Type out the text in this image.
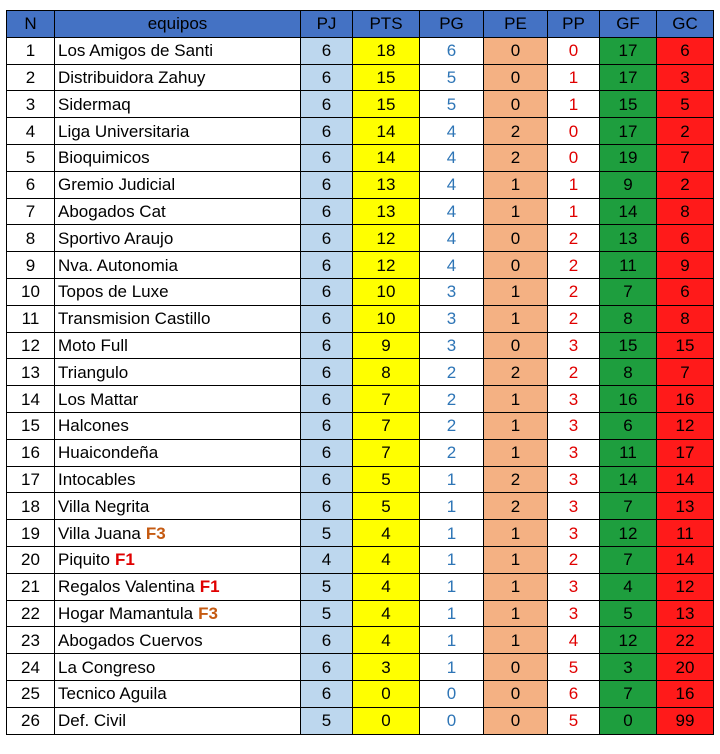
N	equipos	PJ	PTS	PG	PE	PP	GF	GC
1	Los Amigos de Santi	6	18	6	0	0	17	6
2	Distribuidora Zahuy	6	15	5	0	1	17	3
3	Sidermaq	6	15	5	0	1	15	5
4	Liga Universitaria	6	14	4	2	0	17	2
5	Bioquimicos	6	14	4	2	0	19	7
6	Gremio Judicial	6	13	4	1	1	9	2
7	Abogados Cat	6	13	4	1	1	14	8
8	Sportivo Araujo	6	12	4	0	2	13	6
9	Nva. Autonomia	6	12	4	0	2	11	9
10	Topos de Luxe	6	10	3	1	2	7	6
11	Transmision Castillo	6	10	3	1	2	8	8
12	Moto Full	6	9	3	0	3	15	15
13	Triangulo	6	8	2	2	2	8	7
14	Los Mattar	6	7	2	1	3	16	16
15	Halcones	6	7	2	1	3	6	12
16	Huaicondeña	6	7	2	1	3	11	17
17	Intocables	6	5	1	2	3	14	14
18	Villa Negrita	6	5	1	2	3	7	13
19	Villa Juana F3	5	4	1	1	3	12	11
20	Piquito F1	4	4	1	1	2	7	14
21	Regalos Valentina F1	5	4	1	1	3	4	12
22	Hogar Mamantula F3	5	4	1	1	3	5	13
23	Abogados Cuervos	6	4	1	1	4	12	22
24	La Congreso	6	3	1	0	5	3	20
25	Tecnico Aguila	6	0	0	0	6	7	16
26	Def. Civil	5	0	0	0	5	0	99
